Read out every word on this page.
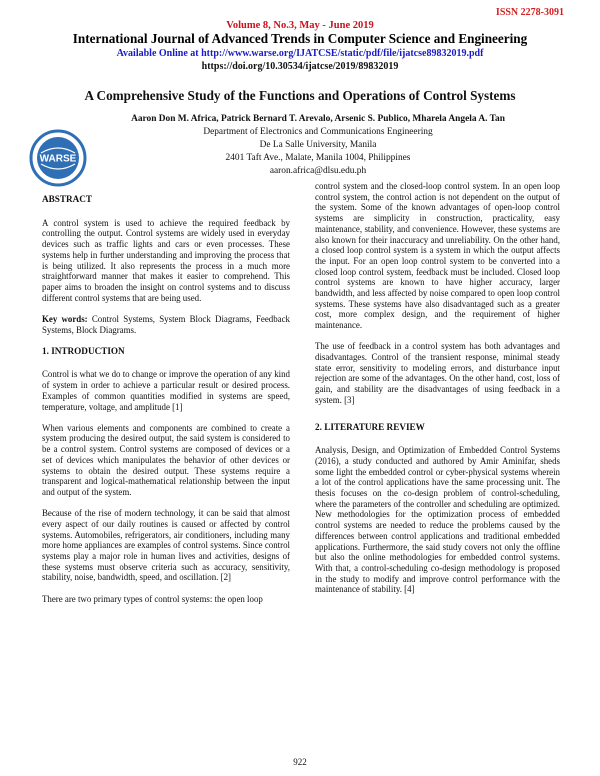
ISSN 2278-3091
Volume 8, No.3, May - June 2019
International Journal of Advanced Trends in Computer Science and Engineering
Available Online at http://www.warse.org/IJATCSE/static/pdf/file/ijatcse89832019.pdf
https://doi.org/10.30534/ijatcse/2019/89832019
WARSE
A Comprehensive Study of the Functions and Operations of Control Systems
Aaron Don M. Africa, Patrick Bernard T. Arevalo, Arsenic S. Publico, Mharela Angela A. Tan
Department of Electronics and Communications Engineering
De La Salle University, Manila
2401 Taft Ave., Malate, Manila 1004, Philippines
aaron.africa@dlsu.edu.ph
ABSTRACT

A control system is used to achieve the required feedback by controlling the output. Control systems are widely used in everyday devices such as traffic lights and cars or even processes. These systems help in further understanding and improving the process that is being utilized. It also represents the process in a much more straightforward manner that makes it easier to comprehend. This paper aims to broaden the insight on control systems and to discuss different control systems that are being used.

Key words: Control Systems, System Block Diagrams, Feedback Systems, Block Diagrams.

1. INTRODUCTION

Control is what we do to change or improve the operation of any kind of system in order to achieve a particular result or desired process. Examples of common quantities modified in systems are speed, temperature, voltage, and amplitude [1]

When various elements and components are combined to create a system producing the desired output, the said system is considered to be a control system. Control systems are composed of devices or a set of devices which manipulates the behavior of other devices or systems to obtain the desired output. These systems require a transparent and logical-mathematical relationship between the input and output of the system.

Because of the rise of modern technology, it can be said that almost every aspect of our daily routines is caused or affected by control systems. Automobiles, refrigerators, air conditioners, including many more home appliances are examples of control systems. Since control systems play a major role in human lives and activities, designs of these systems must observe criteria such as accuracy, sensitivity, stability, noise, bandwidth, speed, and oscillation. [2]

There are two primary types of control systems: the open loop

control system and the closed-loop control system. In an open loop control system, the control action is not dependent on the output of the system. Some of the known advantages of open-loop control systems are simplicity in construction, practicality, easy maintenance, stability, and convenience. However, these systems are also known for their inaccuracy and unreliability. On the other hand, a closed loop control system is a system in which the output affects the input. For an open loop control system to be converted into a closed loop control system, feedback must be included. Closed loop control systems are known to have higher accuracy, larger bandwidth, and less affected by noise compared to open loop control systems. These systems have also disadvantaged such as a greater cost, more complex design, and the requirement of higher maintenance.

The use of feedback in a control system has both advantages and disadvantages. Control of the transient response, minimal steady state error, sensitivity to modeling errors, and disturbance input rejection are some of the advantages. On the other hand, cost, loss of gain, and stability are the disadvantages of using feedback in a system. [3]

2. LITERATURE REVIEW

Analysis, Design, and Optimization of Embedded Control Systems (2016), a study conducted and authored by Amir Aminifar, sheds some light the embedded control or cyber-physical systems wherein a lot of the control applications have the same processing unit. The thesis focuses on the co-design problem of control-scheduling, where the parameters of the controller and scheduling are optimized. New methodologies for the optimization process of embedded control systems are needed to reduce the problems caused by the differences between control applications and traditional embedded applications. Furthermore, the said study covers not only the offline but also the online methodologies for embedded control systems. With that, a control-scheduling co-design methodology is proposed in the study to modify and improve control performance with the maintenance of stability. [4]

922
